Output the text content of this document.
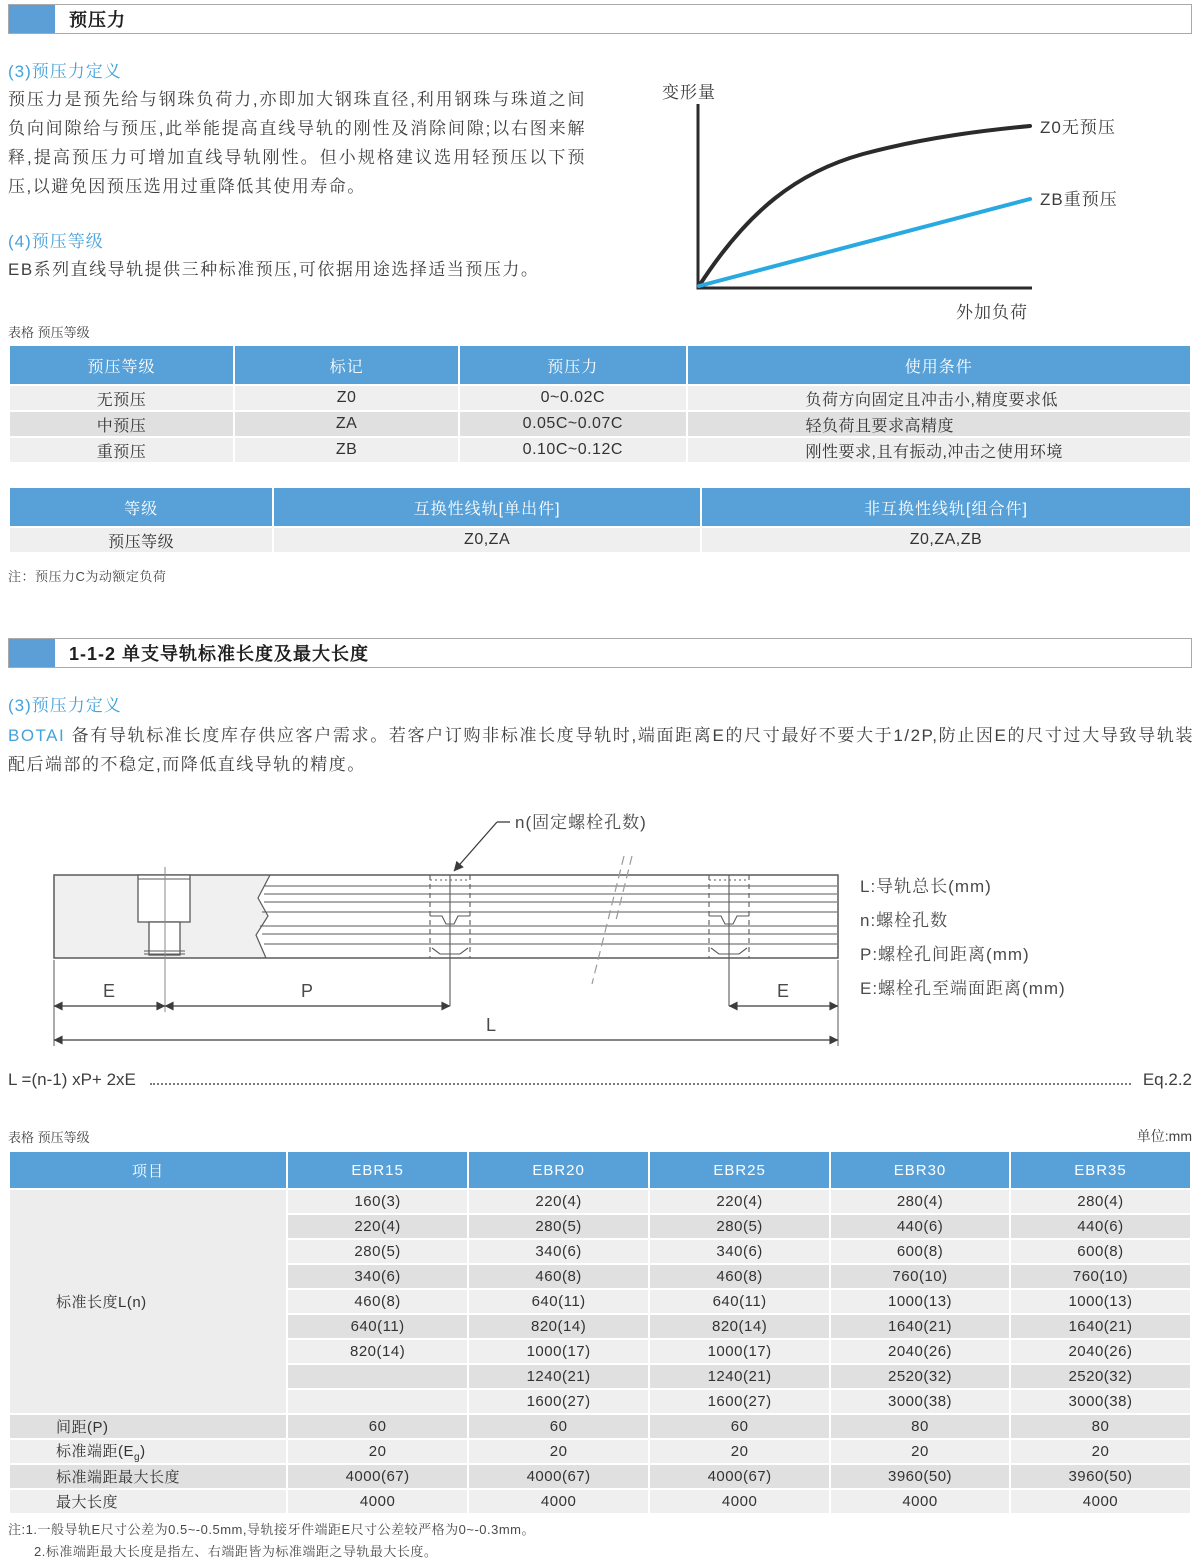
预压力
(3)预压力定义
预压力是预先给与钢珠负荷力,亦即加大钢珠直径,利用钢珠与珠道之间负向间隙给与预压,此举能提高直线导轨的刚性及消除间隙;以右图来解释,提高预压力可增加直线导轨刚性。但小规格建议选用轻预压以下预压,以避免因预压选用过重降低其使用寿命。
(4)预压等级
EB系列直线导轨提供三种标准预压,可依据用途选择适当预压力。
变形量
Z0无预压
ZB重预压
外加负荷
表格 预压等级
预压等级	标记	预压力	使用条件
无预压	Z0	0~0.02C	负荷方向固定且冲击小,精度要求低
中预压	ZA	0.05C~0.07C	轻负荷且要求高精度
重预压	ZB	0.10C~0.12C	刚性要求,且有振动,冲击之使用环境
等级	互换性线轨[单出件]	非互换性线轨[组合件]
预压等级	Z0,ZA	Z0,ZA,ZB
注：预压力C为动额定负荷
1-1-2 单支导轨标准长度及最大长度
(3)预压力定义
BOTAI 备有导轨标准长度库存供应客户需求。若客户订购非标准长度导轨时,端面距离E的尺寸最好不要大于1/2P,防止因E的尺寸过大导致导轨装配后端部的不稳定,而降低直线导轨的精度。
n(固定螺栓孔数)
E	P	E
L
L:导轨总长(mm)
n:螺栓孔数
P:螺栓孔间距离(mm)
E:螺栓孔至端面距离(mm)
L =(n-1) xP+ 2xE	Eq.2.2
表格 预压等级	单位:mm
项目	EBR15	EBR20	EBR25	EBR30	EBR35
标准长度L(n)	160(3)	220(4)	220(4)	280(4)	280(4)
	220(4)	280(5)	280(5)	440(6)	440(6)
	280(5)	340(6)	340(6)	600(8)	600(8)
	340(6)	460(8)	460(8)	760(10)	760(10)
	460(8)	640(11)	640(11)	1000(13)	1000(13)
	640(11)	820(14)	820(14)	1640(21)	1640(21)
	820(14)	1000(17)	1000(17)	2040(26)	2040(26)
		1240(21)	1240(21)	2520(32)	2520(32)
		1600(27)	1600(27)	3000(38)	3000(38)
间距(P)	60	60	60	80	80
标准端距$(E_g)$	20	20	20	20	20
标准端距最大长度	4000(67)	4000(67)	4000(67)	3960(50)	3960(50)
最大长度	4000	4000	4000	4000	4000
注:1.一般导轨E尺寸公差为0.5~-0.5mm,导轨接牙件端距E尺寸公差较严格为0~-0.3mm。
2.标准端距最大长度是指左、右端距皆为标准端距之导轨最大长度。
